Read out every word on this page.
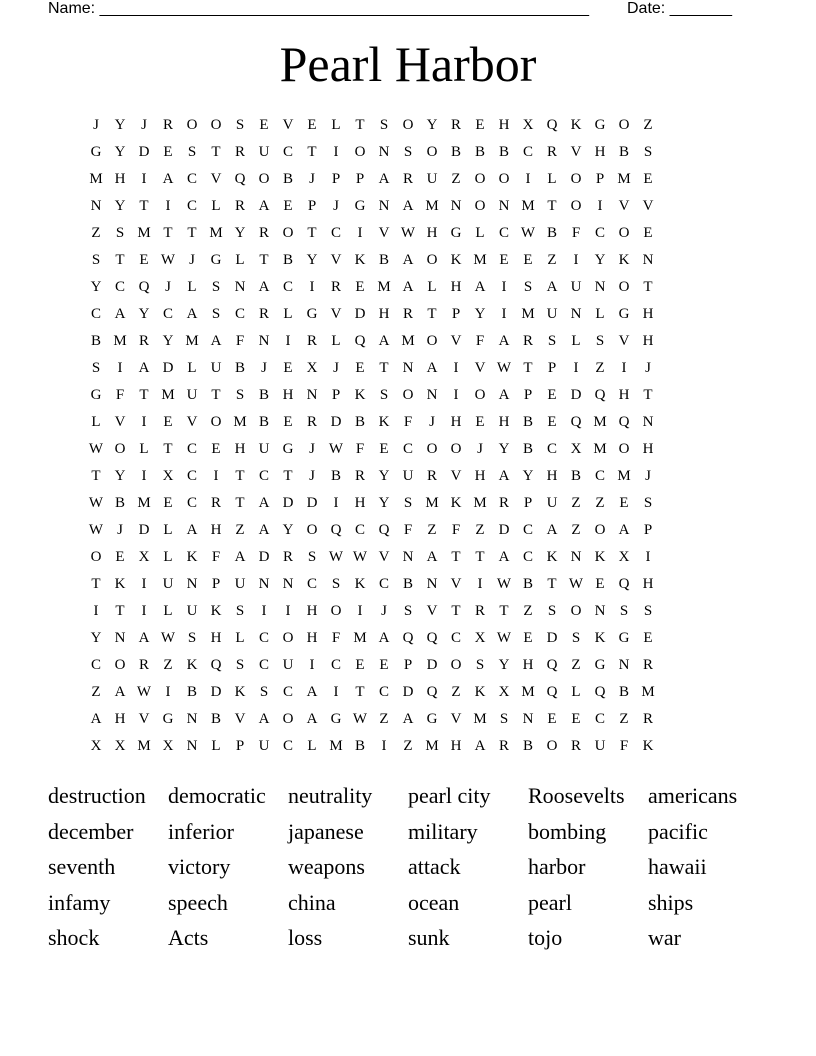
Name: _______________________________________________________ Date: _______
Pearl Harbor
J	Y	J	R O O S	E V E L T	S O Y R E H X Q K G O Z
G Y D E	S	T R U C T	I	O N S O B B B C R V H B S
M H	I	A C V Q O B	J	P	P A R U Z O O	I	L O P M E
N Y T	I	C L R A E	P	J	G N A M N O N M T O	I	V V
Z	S M T T M Y R O T C	I	V W H G L C W B F C O E
S	T E W J	G L T B Y V K B A O K M E E Z	I	Y K N
Y C Q	J	L	S N A C	I	R E M A L H A	I	S A U N O T
C A Y C A S C R L G V D H R T	P Y	I M U N L G H
B M R Y M A F N	I	R L Q A M O V F A R S	L	S V H
S	I	A D L U B	J	E X	J	E T N A	I	V W T	P	I	Z	I	J
G F	T M U T	S B H N P K S O N	I	O A P	E D Q H T
L V	I	E V O M B E R D B K F	J	H E H B E Q M Q N
W O L T C E H U G	J W F	E C O O	J	Y B C X M O H
T Y	I	X C	I	T C T	J	B R Y U R V H A Y H B C M J
W B M E C R T A D D	I	H Y S M K M R P U Z Z E	S
W J	D L A H Z A Y O Q C Q F	Z	F	Z D C A Z O A P
O E X L K F A D R S W W V N A T T A C K N K X	I
T K	I	U N P U N N C S K C B N V	I W B T W E Q H
I	T	I	L U K S	I	I	H O	I	J	S V T R T Z	S O N S	S
Y N A W S H L C O H F M A Q Q C X W E D S K G E
C O R Z K Q S C U	I	C E E	P D O S Y H Q Z G N R
Z A W I	B D K S C A	I	T C D Q Z K X M Q L Q B M
A H V G N B V A O A G W Z A G V M S N E E C Z R
X X M X N L	P U C L M B	I	Z M H A R B O R U F K
destruction	democratic	neutrality	pearl city	Roosevelts	americans
december	inferior	japanese	military	bombing	pacific
seventh	victory	weapons	attack	harbor	hawaii
infamy	speech	china	ocean	pearl	ships
shock	Acts	loss	sunk	tojo	war
